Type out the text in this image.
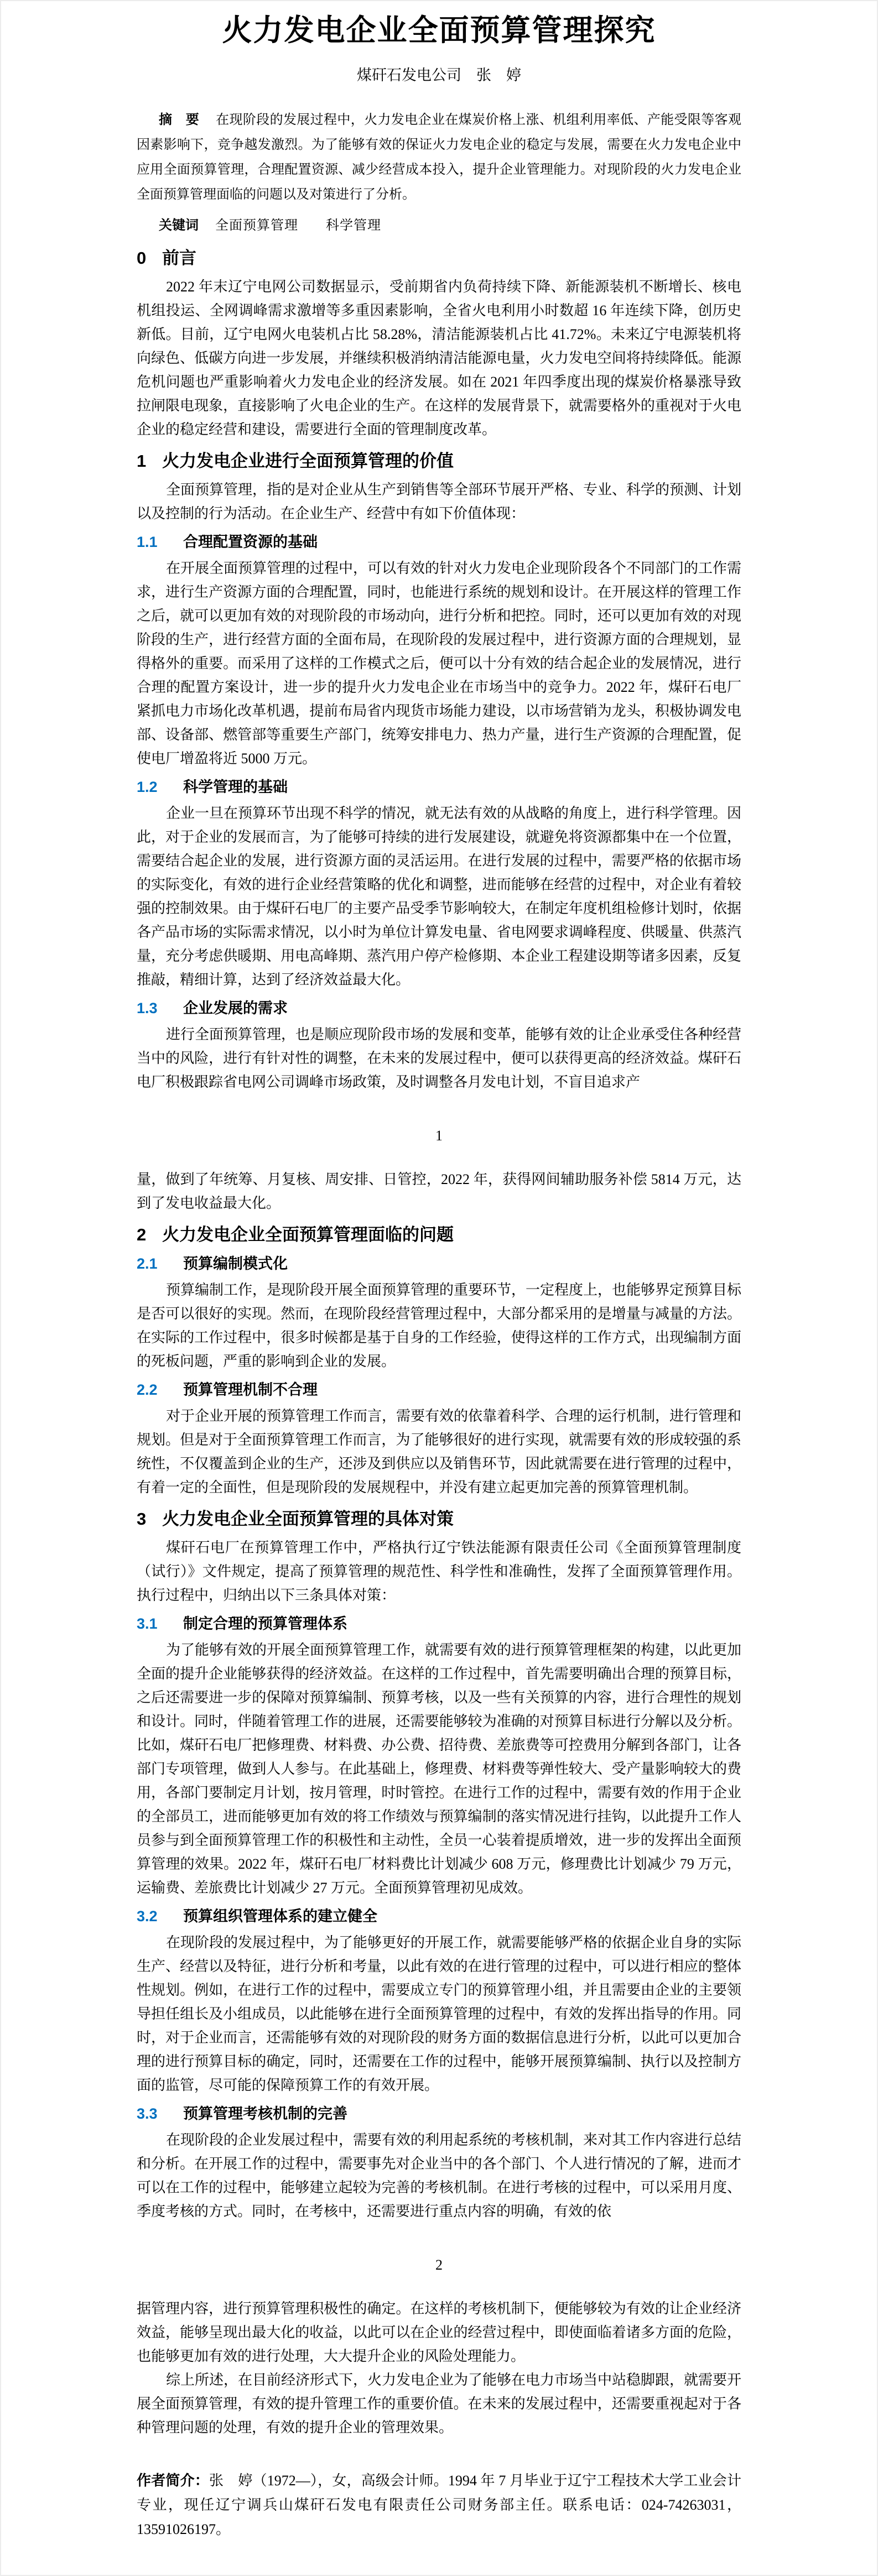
火力发电企业全面预算管理探究
煤矸石发电公司　张　婷
摘　要 在现阶段的发展过程中，火力发电企业在煤炭价格上涨、机组利用率低、产能受限等客观因素影响下，竞争越发激烈。为了能够有效的保证火力发电企业的稳定与发展，需要在火力发电企业中应用全面预算管理，合理配置资源、减少经营成本投入，提升企业管理能力。对现阶段的火力发电企业全面预算管理面临的问题以及对策进行了分析。
关键词 全面预算管理　　科学管理
0 前言

2022 年末辽宁电网公司数据显示，受前期省内负荷持续下降、新能源装机不断增长、核电机组投运、全网调峰需求激增等多重因素影响，全省火电利用小时数超 16 年连续下降，创历史新低。目前，辽宁电网火电装机占比 58.28%，清洁能源装机占比 41.72%。未来辽宁电源装机将向绿色、低碳方向进一步发展，并继续积极消纳清洁能源电量，火力发电空间将持续降低。能源危机问题也严重影响着火力发电企业的经济发展。如在 2021 年四季度出现的煤炭价格暴涨导致拉闸限电现象，直接影响了火电企业的生产。在这样的发展背景下，就需要格外的重视对于火电企业的稳定经营和建设，需要进行全面的管理制度改革。

1 火力发电企业进行全面预算管理的价值

全面预算管理，指的是对企业从生产到销售等全部环节展开严格、专业、科学的预测、计划以及控制的行为活动。在企业生产、经营中有如下价值体现：

1.1 合理配置资源的基础

在开展全面预算管理的过程中，可以有效的针对火力发电企业现阶段各个不同部门的工作需求，进行生产资源方面的合理配置，同时，也能进行系统的规划和设计。在开展这样的管理工作之后，就可以更加有效的对现阶段的市场动向，进行分析和把控。同时，还可以更加有效的对现阶段的生产，进行经营方面的全面布局，在现阶段的发展过程中，进行资源方面的合理规划，显得格外的重要。而采用了这样的工作模式之后，便可以十分有效的结合起企业的发展情况，进行合理的配置方案设计，进一步的提升火力发电企业在市场当中的竞争力。2022 年，煤矸石电厂紧抓电力市场化改革机遇，提前布局省内现货市场能力建设，以市场营销为龙头，积极协调发电部、设备部、燃管部等重要生产部门，统筹安排电力、热力产量，进行生产资源的合理配置，促使电厂增盈将近 5000 万元。

1.2 科学管理的基础

企业一旦在预算环节出现不科学的情况，就无法有效的从战略的角度上，进行科学管理。因此，对于企业的发展而言，为了能够可持续的进行发展建设，就避免将资源都集中在一个位置，需要结合起企业的发展，进行资源方面的灵活运用。在进行发展的过程中，需要严格的依据市场的实际变化，有效的进行企业经营策略的优化和调整，进而能够在经营的过程中，对企业有着较强的控制效果。由于煤矸石电厂的主要产品受季节影响较大，在制定年度机组检修计划时，依据各产品市场的实际需求情况，以小时为单位计算发电量、省电网要求调峰程度、供暖量、供蒸汽量，充分考虑供暖期、用电高峰期、蒸汽用户停产检修期、本企业工程建设期等诸多因素，反复推敲，精细计算，达到了经济效益最大化。

1.3 企业发展的需求

进行全面预算管理，也是顺应现阶段市场的发展和变革，能够有效的让企业承受住各种经营当中的风险，进行有针对性的调整，在未来的发展过程中，便可以获得更高的经济效益。煤矸石电厂积极跟踪省电网公司调峰市场政策，及时调整各月发电计划，不盲目追求产

1

量，做到了年统筹、月复核、周安排、日管控，2022 年，获得网间辅助服务补偿 5814 万元，达到了发电收益最大化。

2 火力发电企业全面预算管理面临的问题
2.1 预算编制模式化

预算编制工作，是现阶段开展全面预算管理的重要环节，一定程度上，也能够界定预算目标是否可以很好的实现。然而，在现阶段经营管理过程中，大部分都采用的是增量与减量的方法。在实际的工作过程中，很多时候都是基于自身的工作经验，使得这样的工作方式，出现编制方面的死板问题，严重的影响到企业的发展。

2.2 预算管理机制不合理

对于企业开展的预算管理工作而言，需要有效的依靠着科学、合理的运行机制，进行管理和规划。但是对于全面预算管理工作而言，为了能够很好的进行实现，就需要有效的形成较强的系统性，不仅覆盖到企业的生产，还涉及到供应以及销售环节，因此就需要在进行管理的过程中，有着一定的全面性，但是现阶段的发展规程中，并没有建立起更加完善的预算管理机制。

3 火力发电企业全面预算管理的具体对策

煤矸石电厂在预算管理工作中，严格执行辽宁铁法能源有限责任公司《全面预算管理制度（试行）》文件规定，提高了预算管理的规范性、科学性和准确性，发挥了全面预算管理作用。执行过程中，归纳出以下三条具体对策：

3.1 制定合理的预算管理体系

为了能够有效的开展全面预算管理工作，就需要有效的进行预算管理框架的构建，以此更加全面的提升企业能够获得的经济效益。在这样的工作过程中，首先需要明确出合理的预算目标，之后还需要进一步的保障对预算编制、预算考核，以及一些有关预算的内容，进行合理性的规划和设计。同时，伴随着管理工作的进展，还需要能够较为准确的对预算目标进行分解以及分析。比如，煤矸石电厂把修理费、材料费、办公费、招待费、差旅费等可控费用分解到各部门，让各部门专项管理，做到人人参与。在此基础上，修理费、材料费等弹性较大、受产量影响较大的费用，各部门要制定月计划，按月管理，时时管控。在进行工作的过程中，需要有效的作用于企业的全部员工，进而能够更加有效的将工作绩效与预算编制的落实情况进行挂钩，以此提升工作人员参与到全面预算管理工作的积极性和主动性，全员一心装着提质增效，进一步的发挥出全面预算管理的效果。2022 年，煤矸石电厂材料费比计划减少 608 万元，修理费比计划减少 79 万元，运输费、差旅费比计划减少 27 万元。全面预算管理初见成效。

3.2 预算组织管理体系的建立健全

在现阶段的发展过程中，为了能够更好的开展工作，就需要能够严格的依据企业自身的实际生产、经营以及特征，进行分析和考量，以此有效的在进行管理的过程中，可以进行相应的整体性规划。例如，在进行工作的过程中，需要成立专门的预算管理小组，并且需要由企业的主要领导担任组长及小组成员，以此能够在进行全面预算管理的过程中，有效的发挥出指导的作用。同时，对于企业而言，还需能够有效的对现阶段的财务方面的数据信息进行分析，以此可以更加合理的进行预算目标的确定，同时，还需要在工作的过程中，能够开展预算编制、执行以及控制方面的监管，尽可能的保障预算工作的有效开展。

3.3 预算管理考核机制的完善

在现阶段的企业发展过程中，需要有效的利用起系统的考核机制，来对其工作内容进行总结和分析。在开展工作的过程中，需要事先对企业当中的各个部门、个人进行情况的了解，进而才可以在工作的过程中，能够建立起较为完善的考核机制。在进行考核的过程中，可以采用月度、季度考核的方式。同时，在考核中，还需要进行重点内容的明确，有效的依

2

据管理内容，进行预算管理积极性的确定。在这样的考核机制下，便能够较为有效的让企业经济效益，能够呈现出最大化的收益，以此可以在企业的经营过程中，即使面临着诸多方面的危险，也能够更加有效的进行处理，大大提升企业的风险处理能力。

综上所述，在目前经济形式下，火力发电企业为了能够在电力市场当中站稳脚跟，就需要开展全面预算管理，有效的提升管理工作的重要价值。在未来的发展过程中，还需要重视起对于各种管理问题的处理，有效的提升企业的管理效果。

作者简介：张　婷（1972—），女，高级会计师。1994 年 7 月毕业于辽宁工程技术大学工业会计专业，现任辽宁调兵山煤矸石发电有限责任公司财务部主任。联系电话：024-74263031，13591026197。
